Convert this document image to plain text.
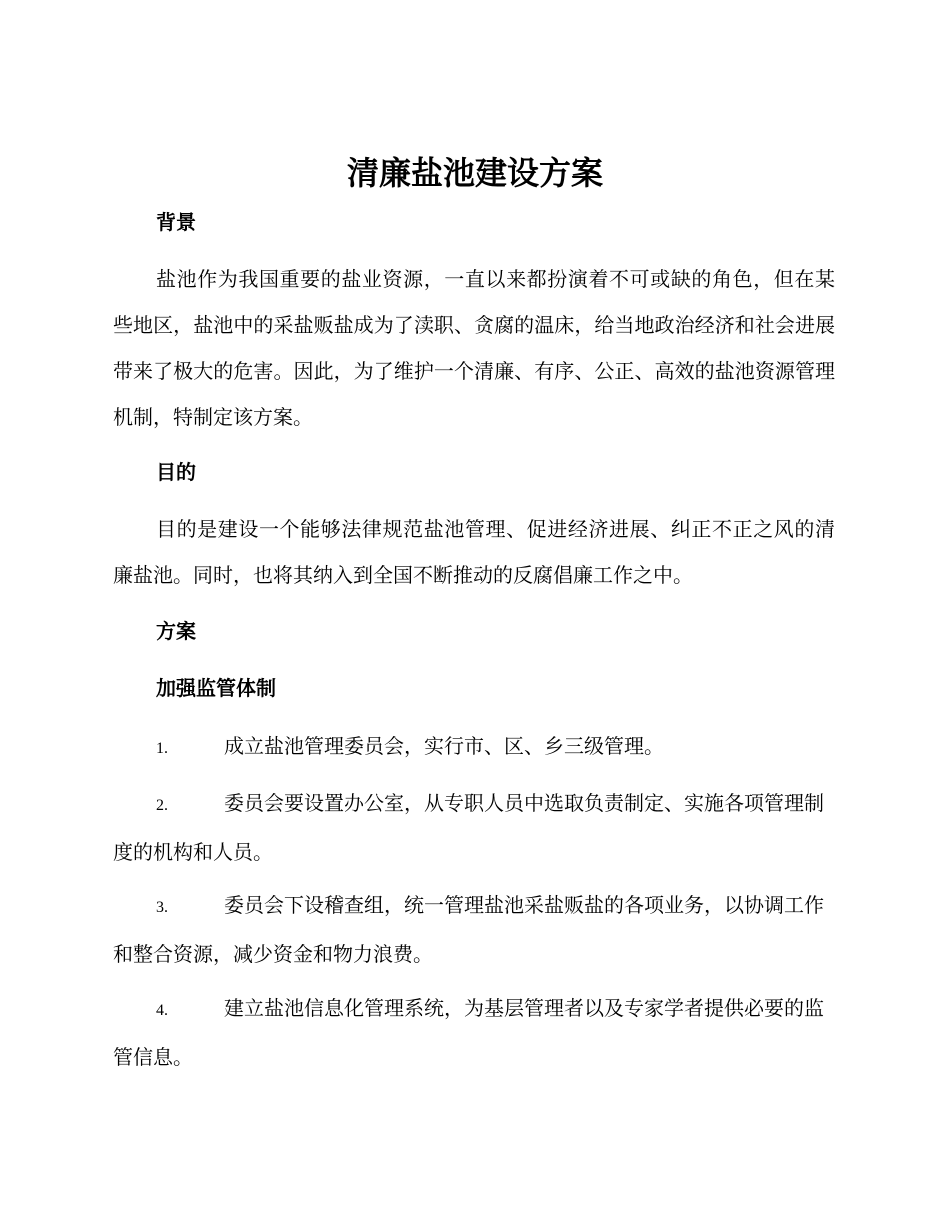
清廉盐池建设方案
背景
盐池作为我国重要的盐业资源，一直以来都扮演着不可或缺的角色，但在某些地区，盐池中的采盐贩盐成为了渎职、贪腐的温床，给当地政治经济和社会进展带来了极大的危害。因此，为了维护一个清廉、有序、公正、高效的盐池资源管理机制，特制定该方案。
目的
目的是建设一个能够法律规范盐池管理、促进经济进展、纠正不正之风的清廉盐池。同时，也将其纳入到全国不断推动的反腐倡廉工作之中。
方案
加强监管体制
1.	成立盐池管理委员会，实行市、区、乡三级管理。
2.	委员会要设置办公室，从专职人员中选取负责制定、实施各项管理制度的机构和人员。
3.	委员会下设稽查组，统一管理盐池采盐贩盐的各项业务，以协调工作和整合资源，减少资金和物力浪费。
4.	建立盐池信息化管理系统，为基层管理者以及专家学者提供必要的监管信息。
